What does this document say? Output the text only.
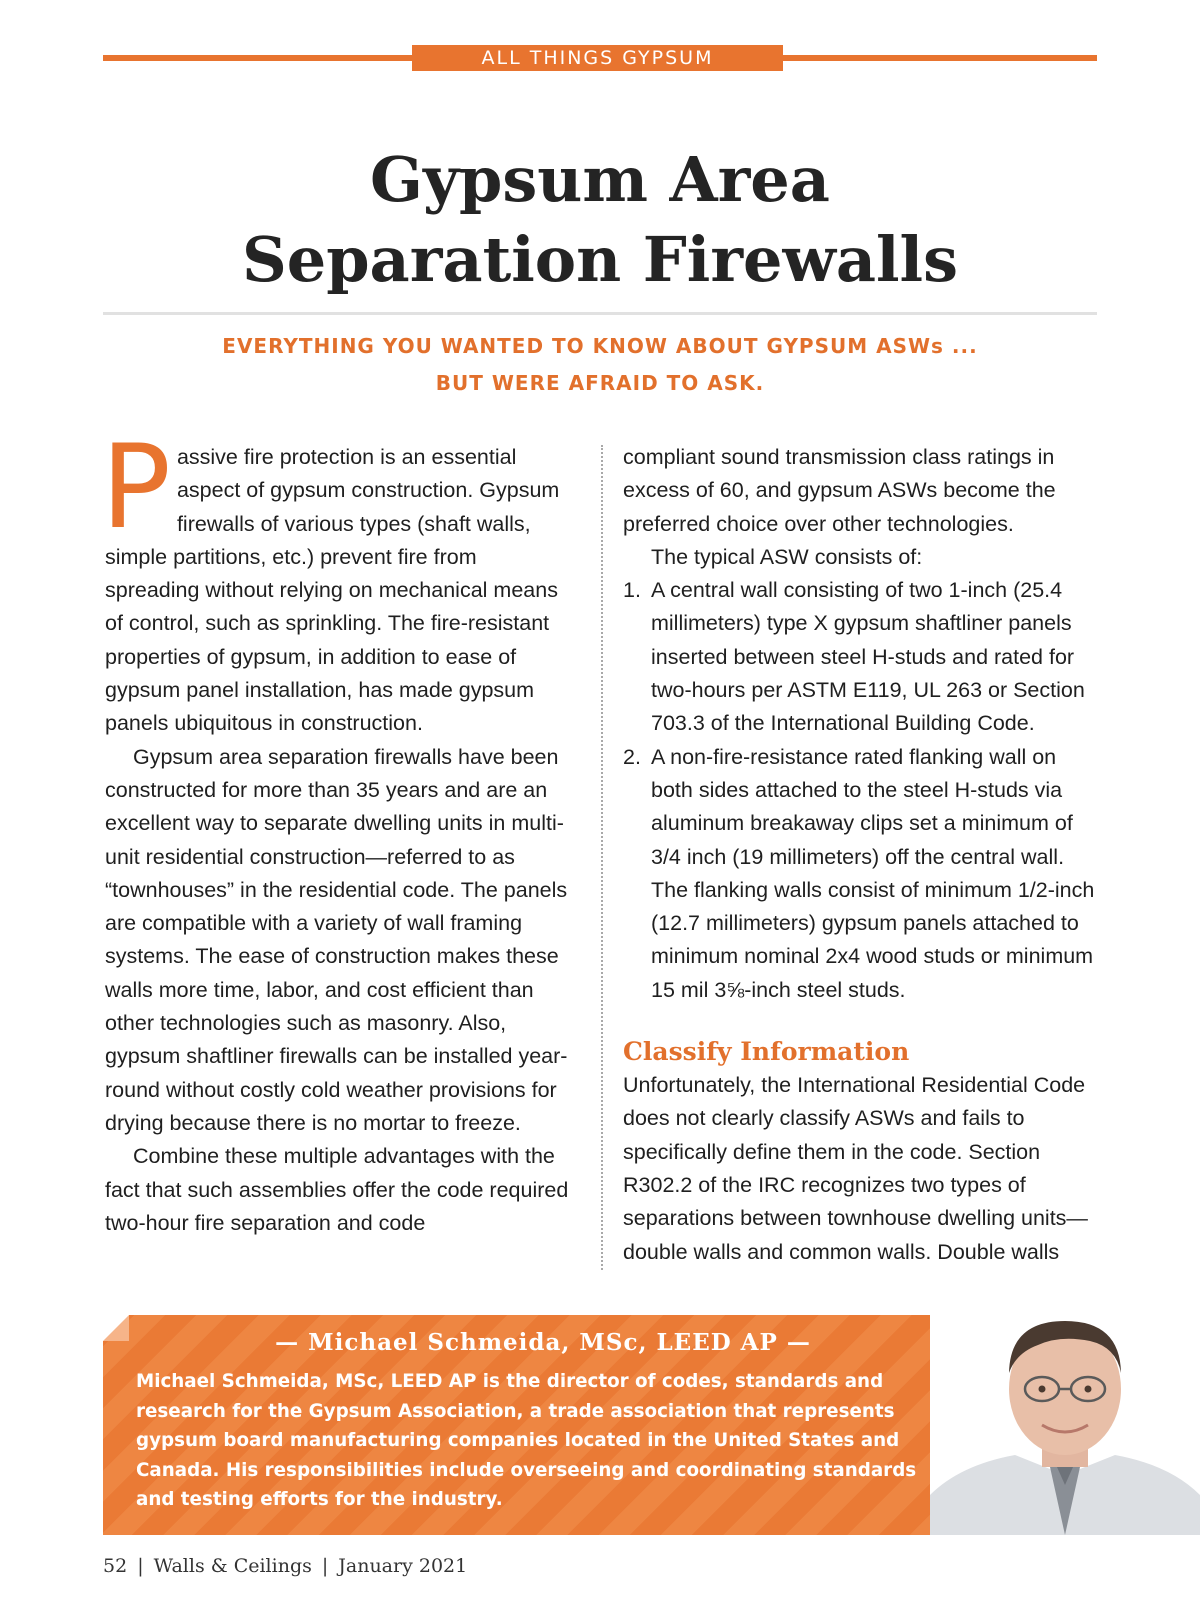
ALL THINGS GYPSUM
Gypsum Area
Separation Firewalls
EVERYTHING YOU WANTED TO KNOW ABOUT GYPSUM ASWs ...
BUT WERE AFRAID TO ASK.

Passive fire protection is an essential aspect of gypsum construction. Gypsum firewalls of various types (shaft walls, simple partitions, etc.) prevent fire from spreading without relying on mechanical means of control, such as sprinkling. The fire-resistant properties of gypsum, in addition to ease of gypsum panel installation, has made gypsum panels ubiquitous in construction.

Gypsum area separation firewalls have been constructed for more than 35 years and are an excellent way to separate dwelling units in multi-unit residential construction—referred to as “townhouses” in the residential code. The panels are compatible with a variety of wall framing systems. The ease of construction makes these walls more time, labor, and cost efficient than other technologies such as masonry. Also, gypsum shaftliner firewalls can be installed year-round without costly cold weather provisions for drying because there is no mortar to freeze.

Combine these multiple advantages with the fact that such assemblies offer the code required two-hour fire separation and code

compliant sound transmission class ratings in excess of 60, and gypsum ASWs become the preferred choice over other technologies.

The typical ASW consists of:

1. A central wall consisting of two 1-inch (25.4 millimeters) type X gypsum shaftliner panels inserted between steel H-studs and rated for two-hours per ASTM E119, UL 263 or Section 703.3 of the International Building Code.
2. A non-fire-resistance rated flanking wall on both sides attached to the steel H-studs via aluminum breakaway clips set a minimum of 3/4 inch (19 millimeters) off the central wall. The flanking walls consist of minimum 1/2-inch (12.7 millimeters) gypsum panels attached to minimum nominal 2x4 wood studs or minimum 15 mil 3⅝-inch steel studs.
Classify Information

Unfortunately, the International Residential Code does not clearly classify ASWs and fails to specifically define them in the code. Section R302.2 of the IRC recognizes two types of separations between townhouse dwelling units—double walls and common walls. Double walls

— Michael Schmeida, MSc, LEED AP —

Michael Schmeida, MSc, LEED AP is the director of codes, standards and research for the Gypsum Association, a trade association that represents gypsum board manufacturing companies located in the United States and Canada. His responsibilities include overseeing and coordinating standards and testing efforts for the industry.

52 | Walls & Ceilings | January 2021
